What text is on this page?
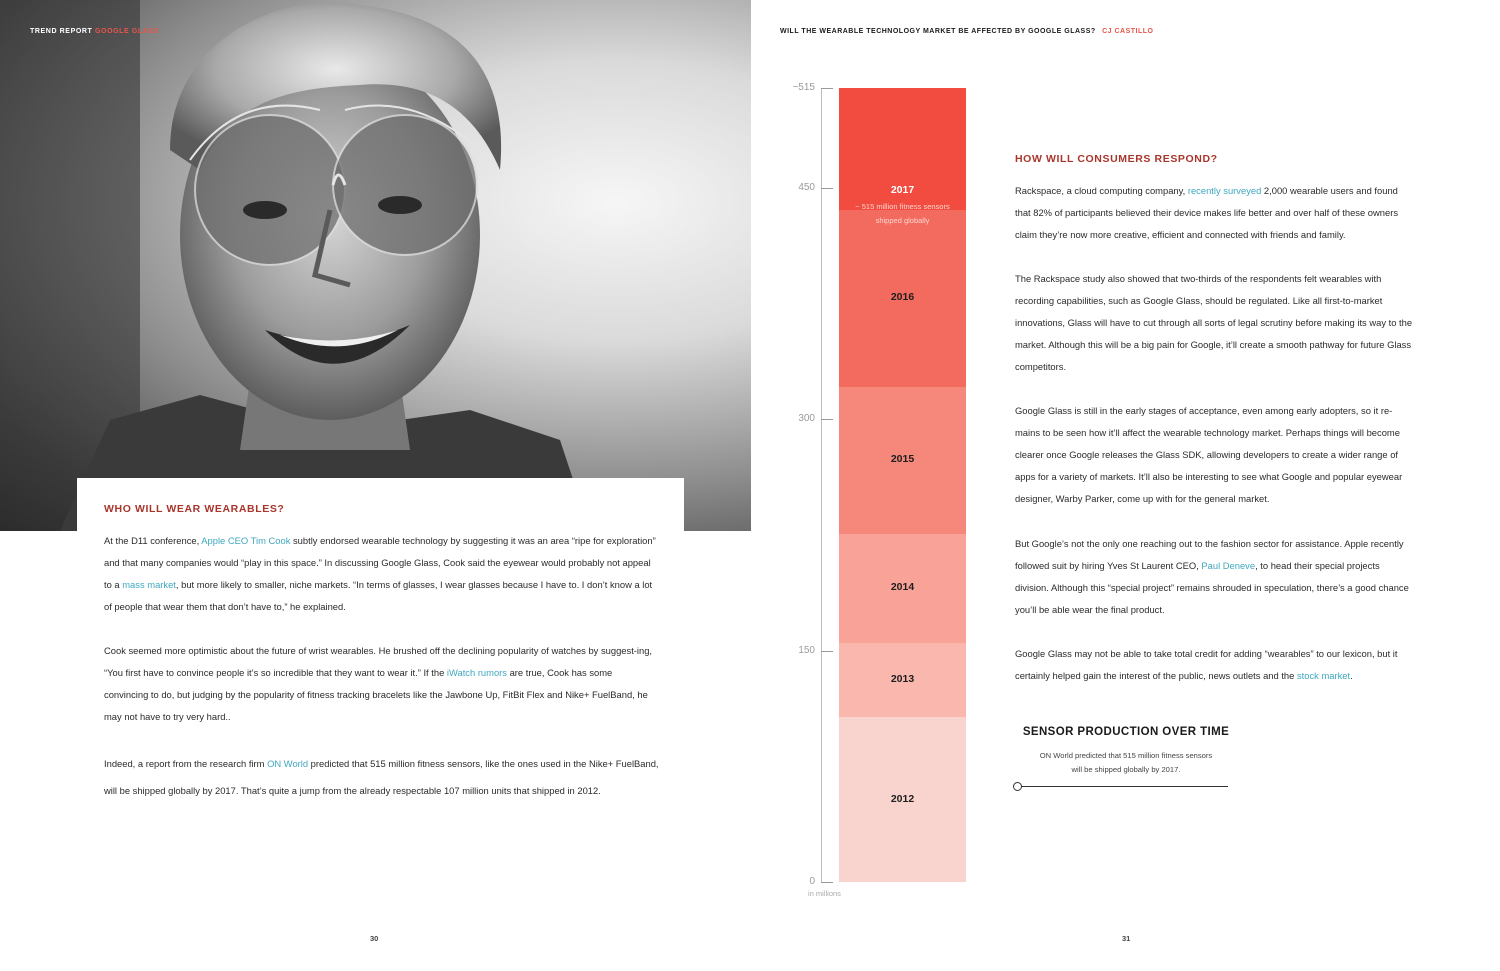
TREND REPORT GOOGLE GLASS
WHO WILL WEAR WEARABLES?

At the D11 conference, Apple CEO Tim Cook subtly endorsed wearable technology by suggesting it was an area “ripe for exploration” and that many companies would “play in this space.” In discussing Google Glass, Cook said the eyewear would probably not appeal to a mass market, but more likely to smaller, niche markets. “In terms of glasses, I wear glasses because I have to. I don’t know a lot of people that wear them that don’t have to,” he explained.

Cook seemed more optimistic about the future of wrist wearables. He brushed off the declining popularity of watches by suggest-ing, “You first have to convince people it’s so incredible that they want to wear it.” If the iWatch rumors are true, Cook has some convincing to do, but judging by the popularity of fitness tracking bracelets like the Jawbone Up, FitBit Flex and Nike+ FuelBand, he may not have to try very hard..

Indeed, a report from the research firm ON World predicted that 515 million fitness sensors, like the ones used in the Nike+ FuelBand, will be shipped globally by 2017. That’s quite a jump from the already respectable 107 million units that shipped in 2012.

30
WILL THE WEARABLE TECHNOLOGY MARKET BE AFFECTED BY GOOGLE GLASS? CJ CASTILLO
0
150
300
450
~515
2012
2013
2014
2015
2016
~ 515 million fitness sensors shipped globally
2017
in millions
HOW WILL CONSUMERS RESPOND?

Rackspace, a cloud computing company, recently surveyed 2,000 wearable users and found that 82% of participants believed their device makes life better and over half of these owners claim they’re now more creative, efficient and connected with friends and family.

The Rackspace study also showed that two-thirds of the respondents felt wearables with recording capabilities, such as Google Glass, should be regulated. Like all first-to-market innovations, Glass will have to cut through all sorts of legal scrutiny before making its way to the market. Although this will be a big pain for Google, it’ll create a smooth pathway for future Glass competitors.

Google Glass is still in the early stages of acceptance, even among early adopters, so it re-mains to be seen how it’ll affect the wearable technology market. Perhaps things will become clearer once Google releases the Glass SDK, allowing developers to create a wider range of apps for a variety of markets. It’ll also be interesting to see what Google and popular eyewear designer, Warby Parker, come up with for the general market.

But Google’s not the only one reaching out to the fashion sector for assistance. Apple recently followed suit by hiring Yves St Laurent CEO, Paul Deneve, to head their special projects division. Although this “special project” remains shrouded in speculation, there’s a good chance you’ll be able wear the final product.

Google Glass may not be able to take total credit for adding “wearables” to our lexicon, but it certainly helped gain the interest of the public, news outlets and the stock market.

SENSOR PRODUCTION OVER TIME
ON World predicted that 515 million fitness sensors will be shipped globally by 2017.
31
